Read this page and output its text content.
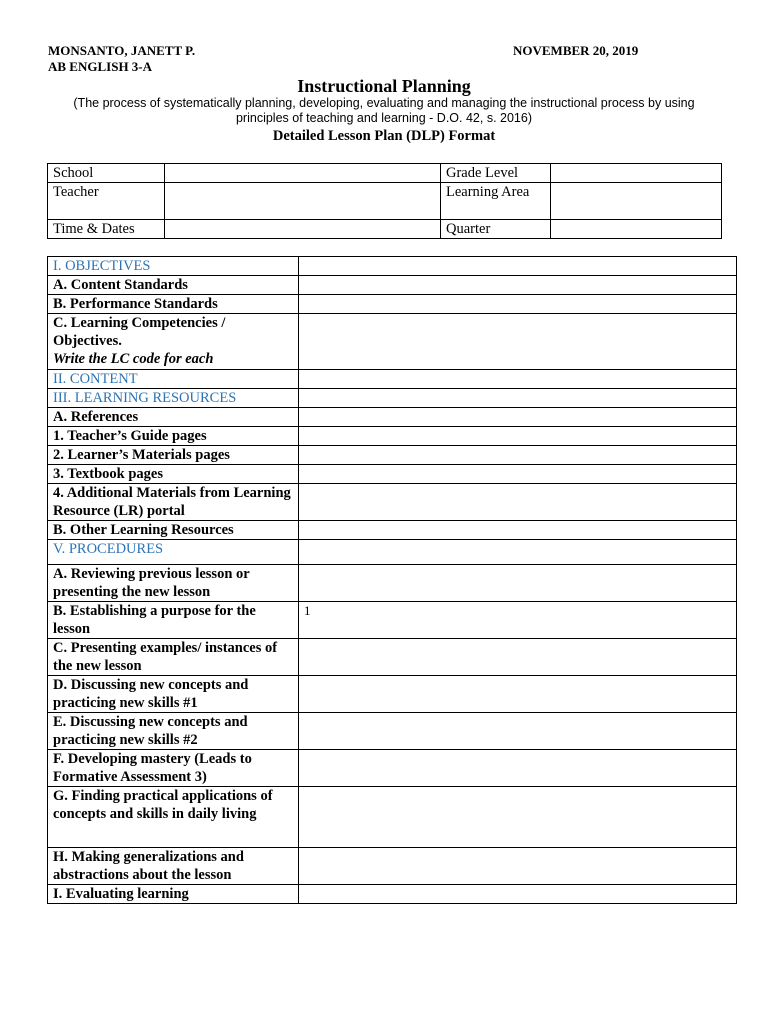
MONSANTO, JANETT P.
AB ENGLISH 3-A
NOVEMBER 20, 2019
Instructional Planning
(The process of systematically planning, developing, evaluating and managing the instructional process by using principles of teaching and learning - D.O. 42, s. 2016)
Detailed Lesson Plan (DLP) Format
School		Grade Level	
Teacher		Learning Area	
Time & Dates		Quarter	
I. OBJECTIVES	
A. Content Standards	
B. Performance Standards	

C. Learning Competencies / Objectives.
Write the LC code for each	

II. CONTENT	
III. LEARNING RESOURCES	
A. References	
1. Teacher’s Guide pages	
2. Learner’s Materials pages	
3. Textbook pages	
4. Additional Materials from Learning Resource (LR) portal	
B. Other Learning Resources	
V. PROCEDURES	
A. Reviewing previous lesson or presenting the new lesson	
B. Establishing a purpose for the lesson	1
C. Presenting examples/ instances of the new lesson	
D. Discussing new concepts and practicing new skills #1	
E. Discussing new concepts and practicing new skills #2	
F. Developing mastery (Leads to Formative Assessment 3)	
G. Finding practical applications of concepts and skills in daily living	
H. Making generalizations and abstractions about the lesson	
I. Evaluating learning	
